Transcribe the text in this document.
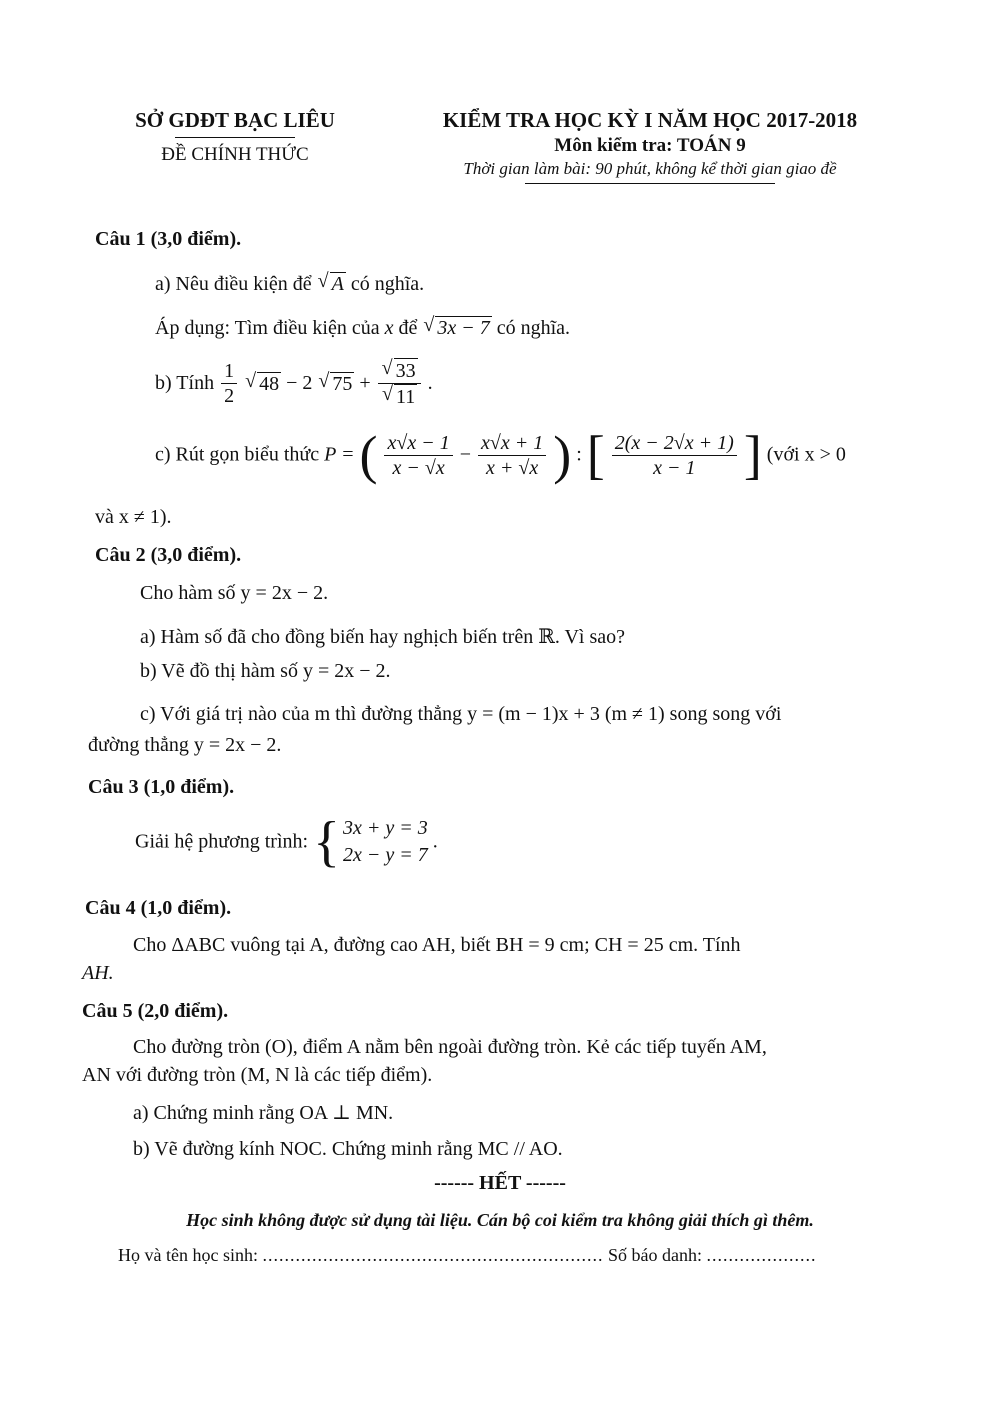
SỞ GDĐT BẠC LIÊU
ĐỀ CHÍNH THỨC
KIỂM TRA HỌC KỲ I NĂM HỌC 2017-2018
Môn kiểm tra: TOÁN 9
Thời gian làm bài: 90 phút, không kể thời gian giao đề
Câu 1 (3,0 điểm).
a) Nêu điều kiện để √ A có nghĩa.
Áp dụng: Tìm điều kiện của x để √ 3x − 7 có nghĩa.
b) Tính $\frac{1}{2}$ √ 48 − 2 √ 75 + √ 33
√ 11 .
c) Rút gọn biểu thức P = ( $\frac{x√x - 1}{x - √x} - \frac{x√x + 1}{x + √x}$ ) : [ $\frac{2(x - 2√x + 1)}{x - 1}$ ] (với x > 0
và x ≠ 1).
Câu 2 (3,0 điểm).
Cho hàm số y = 2x − 2.
a) Hàm số đã cho đồng biến hay nghịch biến trên ℝ. Vì sao?
b) Vẽ đồ thị hàm số y = 2x − 2.
c) Với giá trị nào của m thì đường thẳng y = (m − 1)x + 3 (m ≠ 1) song song với
đường thẳng y = 2x − 2.
Câu 3 (1,0 điểm).
Giải hệ phương trình: { 3x + y = 3
2x − y = 7
.
Câu 4 (1,0 điểm).
Cho ΔABC vuông tại A, đường cao AH, biết BH = 9 cm; CH = 25 cm. Tính
AH.
Câu 5 (2,0 điểm).
Cho đường tròn (O), điểm A nằm bên ngoài đường tròn. Kẻ các tiếp tuyến AM,
AN với đường tròn (M, N là các tiếp điểm).
a) Chứng minh rằng OA ⊥ MN.
b) Vẽ đường kính NOC. Chứng minh rằng MC // AO.
------ HẾT ------
Học sinh không được sử dụng tài liệu. Cán bộ coi kiểm tra không giải thích gì thêm.
Họ và tên học sinh: .............................................................. Số báo danh: ....................
